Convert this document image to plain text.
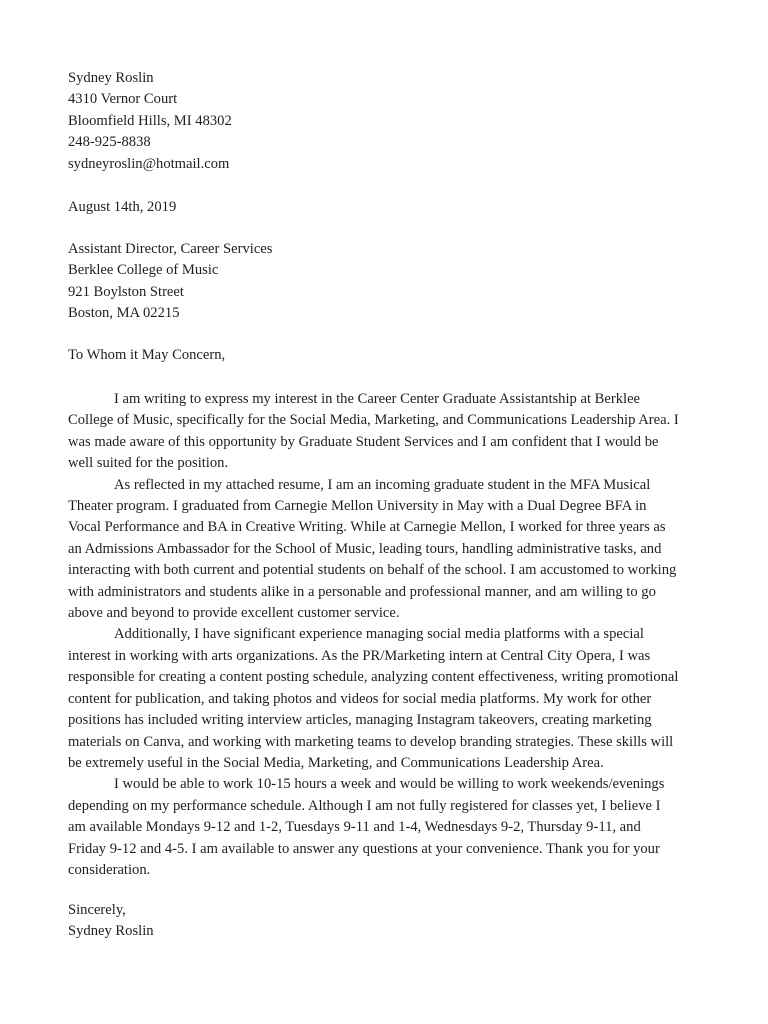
Sydney Roslin
4310 Vernor Court
Bloomfield Hills, MI 48302
248-925-8838
sydneyroslin@hotmail.com
August 14th, 2019
Assistant Director, Career Services
Berklee College of Music
921 Boylston Street
Boston, MA 02215
To Whom it May Concern,
I am writing to express my interest in the Career Center Graduate Assistantship at Berklee
College of Music, specifically for the Social Media, Marketing, and Communications Leadership Area. I
was made aware of this opportunity by Graduate Student Services and I am confident that I would be
well suited for the position.
As reflected in my attached resume, I am an incoming graduate student in the MFA Musical
Theater program. I graduated from Carnegie Mellon University in May with a Dual Degree BFA in
Vocal Performance and BA in Creative Writing. While at Carnegie Mellon, I worked for three years as
an Admissions Ambassador for the School of Music, leading tours, handling administrative tasks, and
interacting with both current and potential students on behalf of the school. I am accustomed to working
with administrators and students alike in a personable and professional manner, and am willing to go
above and beyond to provide excellent customer service.
Additionally, I have significant experience managing social media platforms with a special
interest in working with arts organizations. As the PR/Marketing intern at Central City Opera, I was
responsible for creating a content posting schedule, analyzing content effectiveness, writing promotional
content for publication, and taking photos and videos for social media platforms. My work for other
positions has included writing interview articles, managing Instagram takeovers, creating marketing
materials on Canva, and working with marketing teams to develop branding strategies. These skills will
be extremely useful in the Social Media, Marketing, and Communications Leadership Area.
I would be able to work 10-15 hours a week and would be willing to work weekends/evenings
depending on my performance schedule. Although I am not fully registered for classes yet, I believe I
am available Mondays 9-12 and 1-2, Tuesdays 9-11 and 1-4, Wednesdays 9-2, Thursday 9-11, and
Friday 9-12 and 4-5. I am available to answer any questions at your convenience. Thank you for your
consideration.
Sincerely,
Sydney Roslin
